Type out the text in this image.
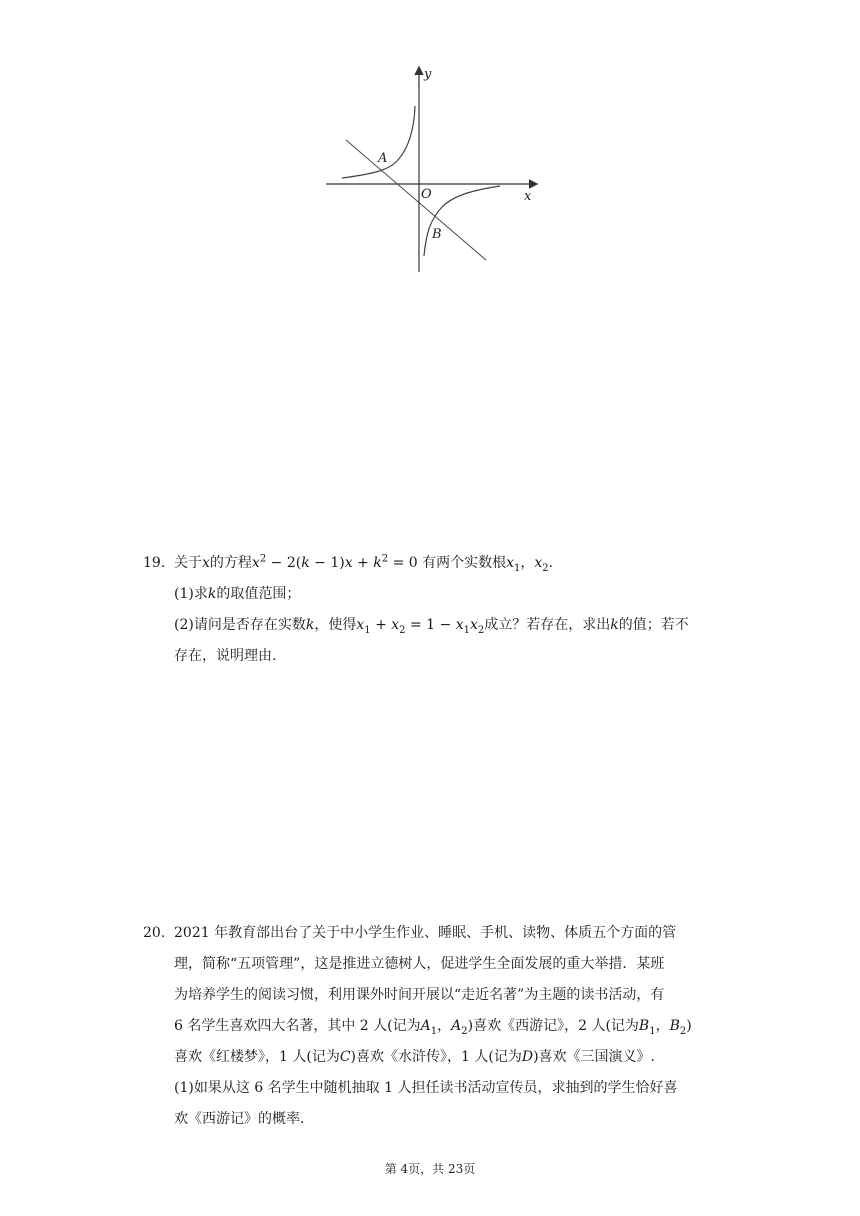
y
x
O
A
B
19. 关于x的方程$x^2 - 2(k - 1)x + k^2 = 0$ 有两个实数根$x_1$，$x_2$.
(1)求k的取值范围；
(2)请问是否存在实数k，使得$x_1 + x_2 = 1 - x_1x_2$成立？若存在，求出k的值；若不
存在，说明理由.
20. 2021 年教育部出台了关于中小学生作业、睡眠、手机、读物、体质五个方面的管
理，简称“五项管理”，这是推进立德树人，促进学生全面发展的重大举措．某班
为培养学生的阅读习惯，利用课外时间开展以“走近名著”为主题的读书活动，有
6 名学生喜欢四大名著，其中 2 人(记为$A_1$，$A_2$)喜欢《西游记》，2 人(记为$B_1$，$B_2$)
喜欢《红楼梦》，1 人(记为C)喜欢《水浒传》，1 人(记为D)喜欢《三国演义》.
(1)如果从这 6 名学生中随机抽取 1 人担任读书活动宣传员，求抽到的学生恰好喜
欢《西游记》的概率.
第 4页，共 23页
